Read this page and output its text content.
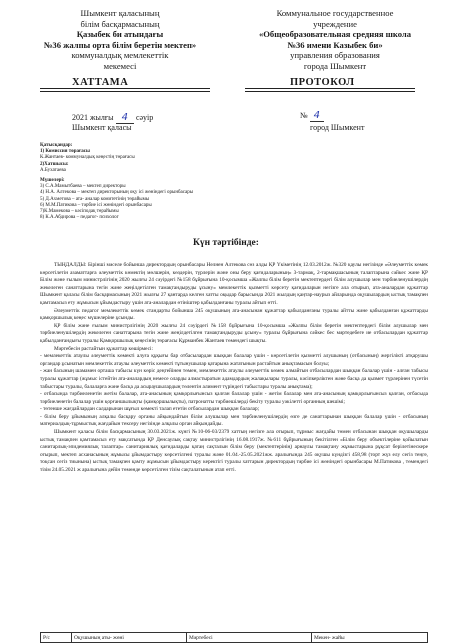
Шымкент қаласының
білім басқармасының
Қазыбек би атындағы
№36 жалпы орта білім беретін мектеп»
коммуналдық мемлекеттік
мекемесі
Коммунальное государственное
учреждение
«Общеобразовательная средняя школа
№36 имени Казыбек би»
управления образования
города Шымкент
ХАТТАМА	ПРОТОКОЛ
2021 жылғы 4 сәуір
Шымкент қаласы
№ 4
город Шымкент
Қатысқандар:
1) Комиссия төрағасы
К.Жантаев- коммуналдық кеңестің төрағасы
2)Хатшысы:
А.Бухатаева
Мүшелері:
3) С.А.Мамытбаева – мектеп директоры
4) Н.А. Алтекова – мектеп директорының оқу ісі жөніндегі орынбасары
5) Д.Ахметова – ата- аналар комитетінің төрайымы
6) М.М.Патикова – тәрбие ісі жөніндегі орынбасары
7)К.Мамекова – кәсіподақ төрайымы
8) К.А.Абдирова – педагог- психолог
Күн тәртібінде:

ТЫҢДАЛДЫ: Бірінші мәселе бойынша директордың орынбасары Нелнен Алтекова сөз алды ҚР Үкіметінің 12.03.2012ж. №320 қаулы негізінде «Әлеуметтік көмек көрсетілетін азаматтарға әлеуметтік көмектің мөлшерін, көздерін, түрлерін және оны беру қағидаларының» 3-тармақ, 2-тармақшасының талаптарына сәйкес және ҚР Білім және ғылым министрлігінің 2020 жылғы 24 сәуірдегі №158 бұйрығына 10-қосымша «Жалпы білім беретін мектептердегі білім алушылар мен тәрбиеленушілердің жекелеген санаттарына тегін және жеңілдетілген тамақтандыруды ұсыну» мемлекеттік қызметті көрсету қағидаларын негізге ала отырып, ата-аналардан құжаттар Шымкент қаласы білім басқармасының 2021 жылғы 27 қантарда келген хатты оқыдар барысында 2021 жылдың қаңтар-наурыз айларында оқушылардың ыстық тамақпен қамтамасыз ету жұмысын ұйымдастыру үшін ата-аналардан өтініштер қабылданғаны туралы айтып өтті.

Әлеуметтік педагог мемлекеттік көмек стандарты бойынша 245 оқушының ата-анасынан құжаттар қабылданғаны туралы айтты және қабылданған құжаттарды қамқоршылық кеңес мүшелеріне ұсынды.

ҚР білім және ғылым министрлігінің 2020 жылғы 24 сәуірдегі №158 бұйрығына 10-қосымша «Жалпы білім беретін мектептердегі білім алушылар мен тәрбиеленушілердің жекелеген санаттарына тегін және жеңілдетілген тамақтандыруды ұсыну» туралы бұйрығына сәйкес бес мәртедебеге ие отбасылардан құжаттар қабылданғандығы туралы Қамқоршылық кеңесінің төрағасы Құрманбек Жантаев төмендегі шықты.

Мәртебесін растайтын құжаттар көшірмесі:

- мемлекеттік атаулы әлеуметтік көмекті алуға құқығы бар отбасылардан шыққан балалар үшін - көрсетілетін қызметті алушының (отбасының) жергілікті атқарушы органдар ұсынатын мемлекеттік атаулы әлеуметтік көмекті тұтынушылар қатарына жататынын растайтын анықтамасын болуы;

- жан басының шамамен орташа табысы күн көріс деңгейінен төмен, мемлекеттік атаулы әлеуметтік көмек алмайтын отбасылардан шыққан балалар үшін - алған табысы туралы құжаттар (жұмыс істейтін ата-аналардың немесе оларды алмастыратын адамдардың жалақылары туралы, кәсіпкерліктен және басқа да қызмет түрлерінен түсетін табыстары туралы, балаларға және басқа да асыраушылардың төлентін алимент түріндегі табыстары туралы анықтама);

- отбасында тәрбиеленетін жетім балалар, ата-анасының қамқорлығынсыз қалған балалар үшін - жетім балалар мен ата-анасының қамқорлығынсыз қалған, отбасыда тәрбиеленетін балалар үшін қорғаншылықты (қамқоршылықты), патронатты тәрбиешілерді бекіту туралы уәкілетті органның шешімі;

- төтенше жағдайлардан салдарынан шұғыл көмекті талап ететін отбасылардан шыққан балалар;

- білім беру ұйымының алқалы басқару органы айқындайтын білім алушылар мен тәрбиеленушілердің өзге де санаттарынан шыққан балалар үшін - отбасының материалдық-тұрмыстық жағдайын тексеру негізінде алқалы орган айқындайды.

Шымкент қаласы білім басқармасының 30.03.2021ж. күнгі №10-06-03/2379 хаттың негізге ала отырып, тұрмыс жағдайы төмен отбасынан шыққан оқушыларды ыстық тамақпен қамтамасыз ету мақсатында ҚР Денсаулық сақтау министрлігінің 16.08.1917ж. №611 бұйрығының бекітілген «Білім беру объектілеріне қойылатын санитарлық-эпидемиялық талаптар» санитариялық қағидаларды қатаң сақталын білім беру (мектептерінің) арнаулы тамақтану жұмыстарына рұқсат берілетінескере отырып, мектеп асханасының жұмысы ұйымдастыру көрсетілгені туралы және 01.04.-25.05.2021жж. аралығында 245 оқушы күндізгі 458,98 (торт жүз елу сегіз теңге, тоқсан сегіз тиынына) ыстық тамақпен қамту жұмысын ұйымдастыру керектігі туралы хаттарын директордың тәрбие ісі жөніндегі орынбасары М.Патикова , төмендегі тізім 24.05.2021 ж аралығына дейін төмөнде көрсетілген тізім сақталатынын атап өтті.

Р/с	Оқушының аты- жөні	Мәртебесі	Мекен- жайы
